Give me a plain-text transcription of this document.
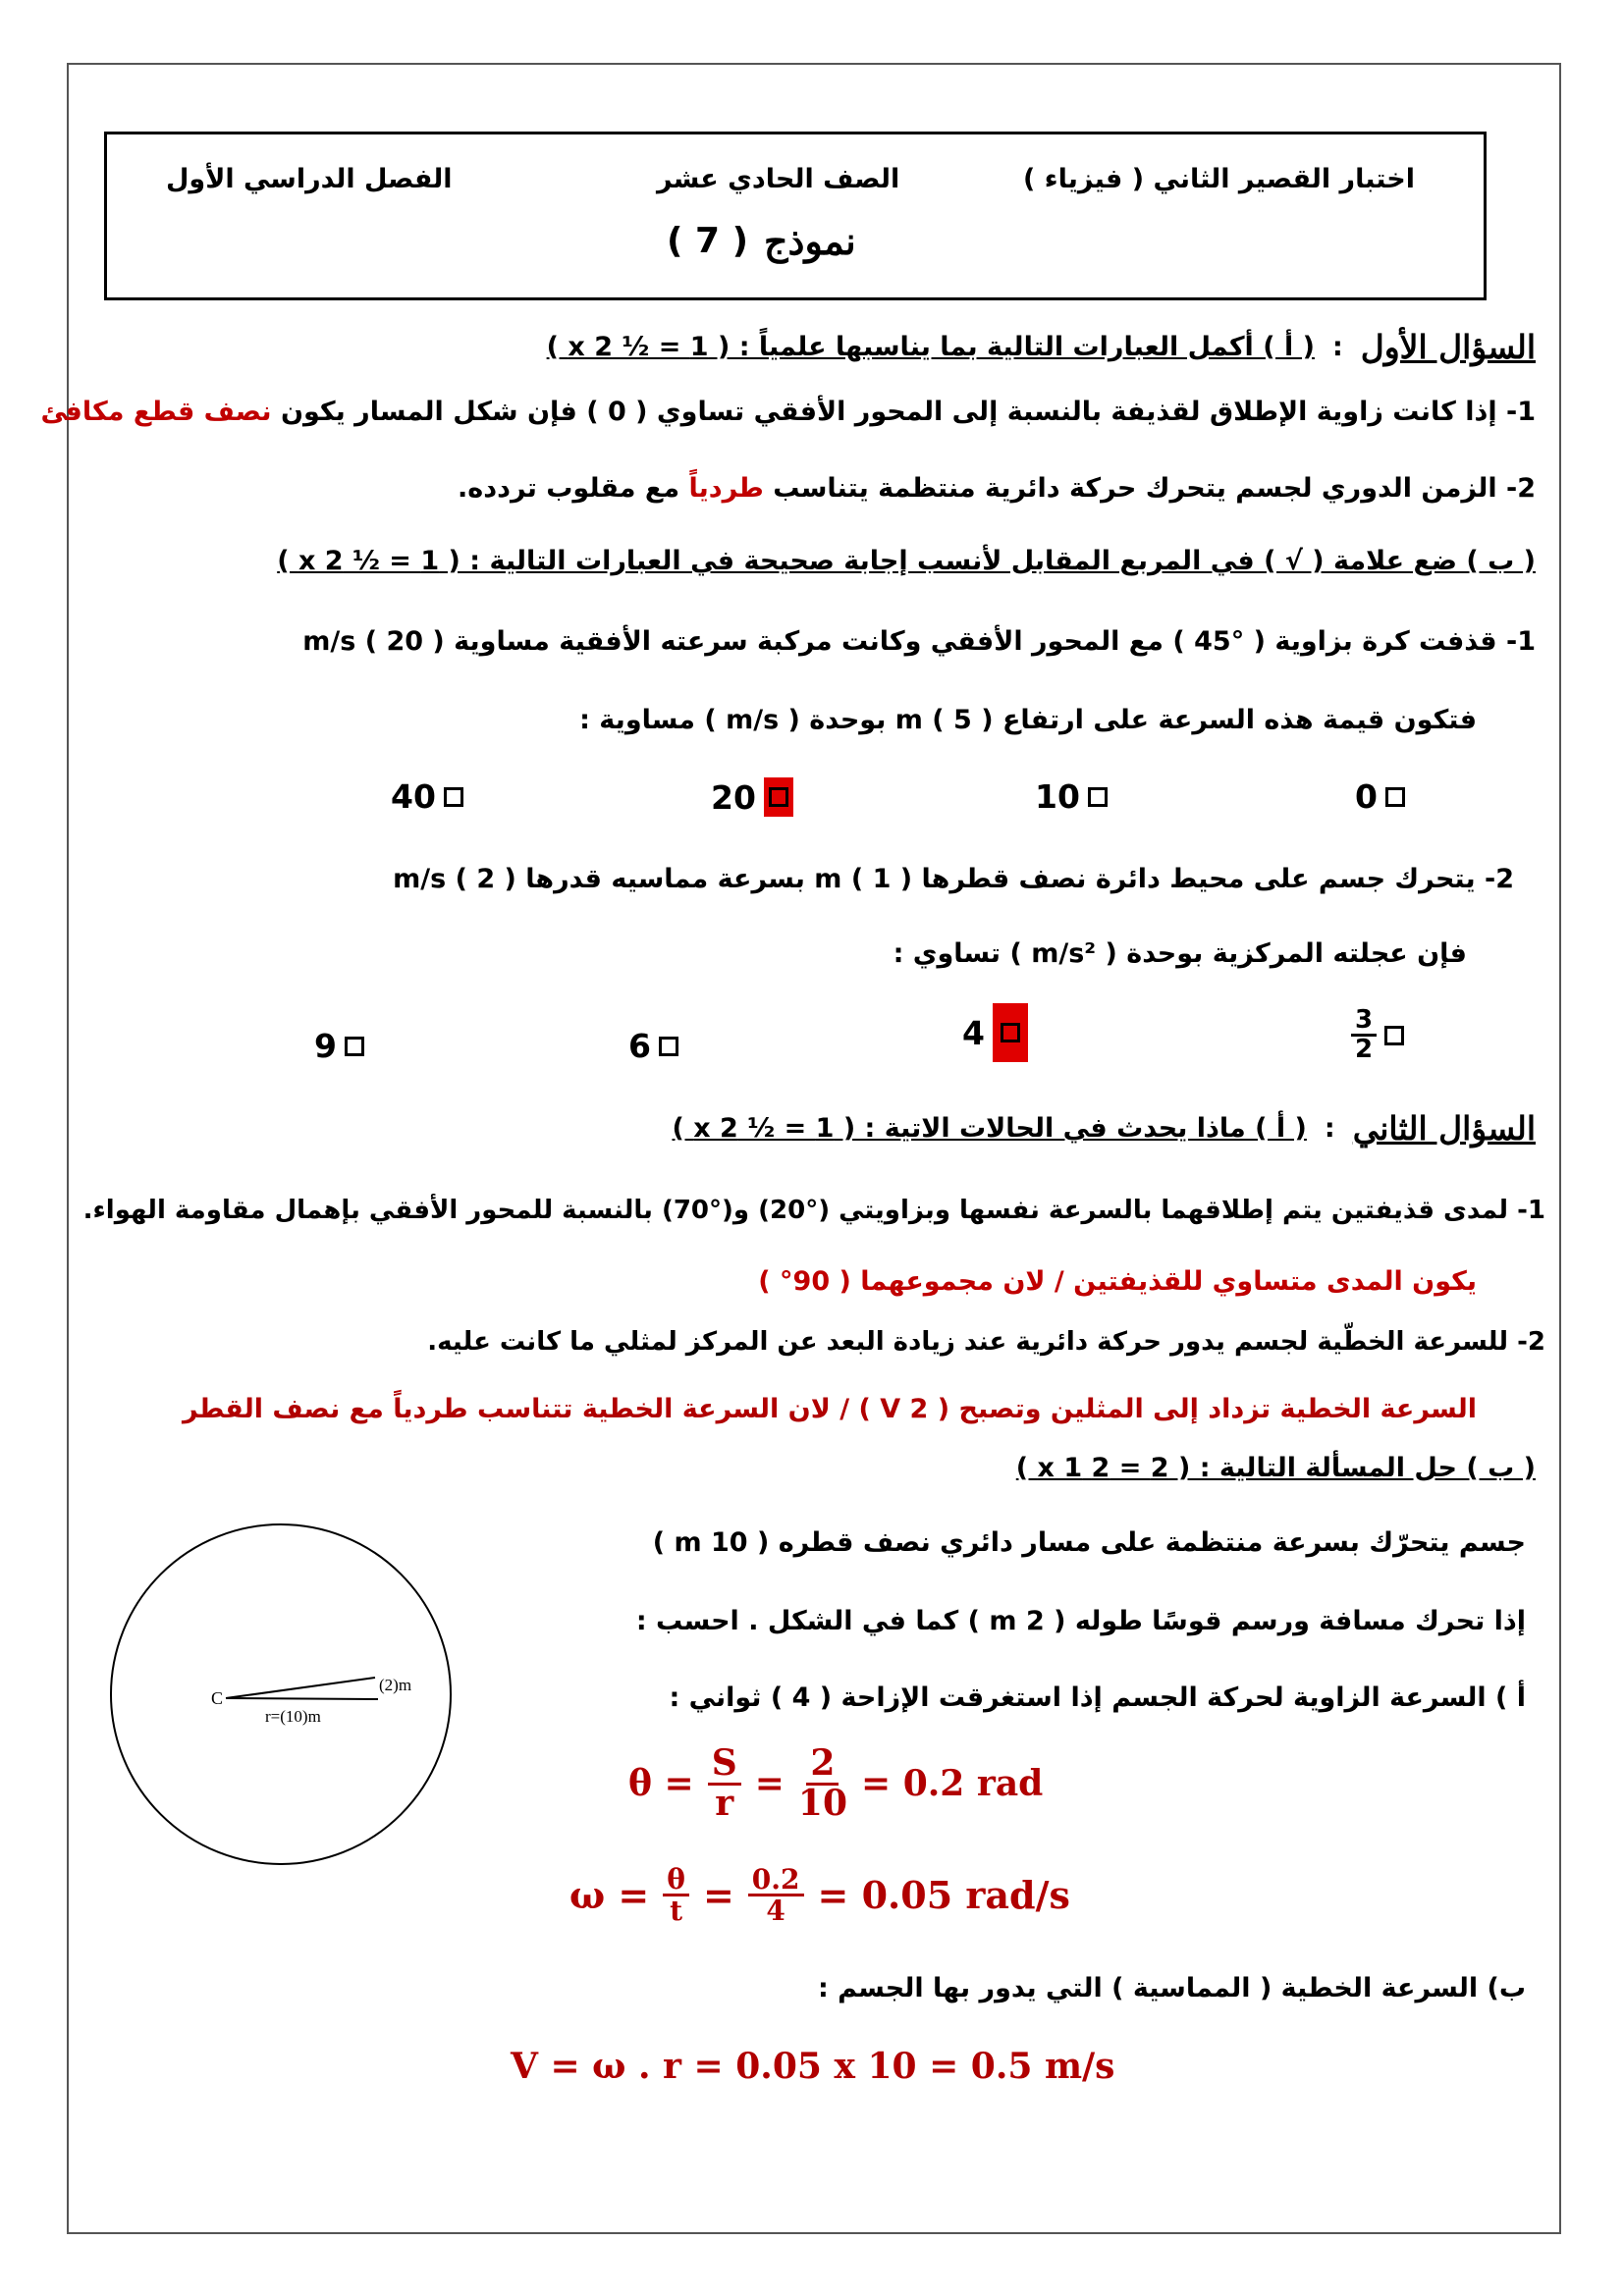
اختبار القصير الثاني ( فيزياء )
الصف الحادي عشر
الفصل الدراسي الأول
( 7 ) نموذج
السؤال الأول
:
( أ ) أكمل العبارات التالية بما يناسبها علمياً : ( 1 = ½ x 2 )
1- إذا كانت زاوية الإطلاق لقذيفة بالنسبة إلى المحور الأفقي تساوي ( 0 ) فإن شكل المسار يكون نصف قطع مكافئ
2- الزمن الدوري لجسم يتحرك حركة دائرية منتظمة يتناسب طردياً مع مقلوب تردده.
( ب ) ضع علامة ( √ ) في المربع المقابل لأنسب إجابة صحيحة في العبارات التالية : ( 1 = ½ x 2 )
1- قذفت كرة بزاوية ( °45 ) مع المحور الأفقي وكانت مركبة سرعته الأفقية مساوية m/s ( 20 )
فتكون قيمة هذه السرعة على ارتفاع m ( 5 ) بوحدة ( m/s ) مساوية :
0
10
20
40
2- يتحرك جسم على محيط دائرة نصف قطرها m ( 1 ) بسرعة مماسيه قدرها m/s ( 2 )
فإن عجلته المركزية بوحدة ( m/s² ) تساوي :
$\frac{3}{2}$
4
6
9
السؤال الثاني
:
( أ ) ماذا يحدث في الحالات الاتية : ( 1 = ½ x 2 )
1- لمدى قذيفتين يتم إطلاقهما بالسرعة نفسها وبزاويتي (°20) و(°70) بالنسبة للمحور الأفقي بإهمال مقاومة الهواء.
يكون المدى متساوي للقذيفتين / لان مجموعهما ( 90° )
2- للسرعة الخطّية لجسم يدور حركة دائرية عند زيادة البعد عن المركز لمثلي ما كانت عليه.
السرعة الخطية تزداد إلى المثلين وتصبح ( 2 V ) / لان السرعة الخطية تتناسب طردياً مع نصف القطر
( ب ) حل المسألة التالية : ( 2 = 2 x 1 )
جسم يتحرّك بسرعة منتظمة على مسار دائري نصف قطره ( 10 m )
إذا تحرك مسافة ورسم قوسًا طوله ( 2 m ) كما في الشكل . احسب :
أ ) السرعة الزاوية لحركة الجسم إذا استغرقت الإزاحة ( 4 ) ثواني :
C
r=(10)m
(2)m
$\theta = \frac{S}{r} = \frac{2}{10} = 0.2$ rad
$\omega = \frac{\theta}{t} = \frac{0.2}{4} = 0.05$ rad/s
ب) السرعة الخطية ( المماسية ) التي يدور بها الجسم :
V = ω . r = 0.05 x 10 = 0.5 m/s
